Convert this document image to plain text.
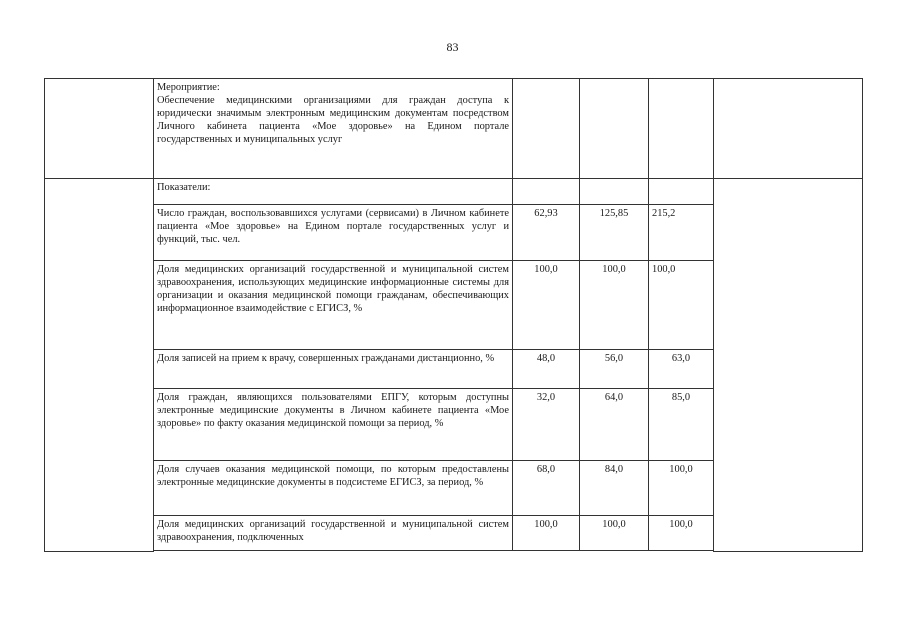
83

	Мероприятие:
Обеспечение медицинскими организациями для граждан доступа к юридически значимым электронным медицинским документам посредством Личного кабинета пациента «Мое здоровье» на Едином портале государственных и муниципальных услуг				

	Показатели:				
	Число граждан, воспользовавшихся услугами (сервисами) в Личном кабинете пациента «Мое здоровье» на Едином портале государственных услуг и функций, тыс. чел.	62,93	125,85	215,2	
	Доля медицинских организаций государственной и муниципальной систем здравоохранения, использующих медицинские информационные системы для организации и оказания медицинской помощи гражданам, обеспечивающих информационное взаимодействие с ЕГИСЗ, %	100,0	100,0	100,0	
	Доля записей на прием к врачу, совершенных гражданами дистанционно, %	48,0	56,0	63,0	
	Доля граждан, являющихся пользователями ЕПГУ, которым доступны электронные медицинские документы в Личном кабинете пациента «Мое здоровье» по факту оказания медицинской помощи за период, %	32,0	64,0	85,0	
	Доля случаев оказания медицинской помощи, по которым предоставлены электронные медицинские документы в подсистеме ЕГИСЗ, за период, %	68,0	84,0	100,0	
	Доля медицинских организаций государственной и муниципальной систем здравоохранения, подключенных	100,0	100,0	100,0	
